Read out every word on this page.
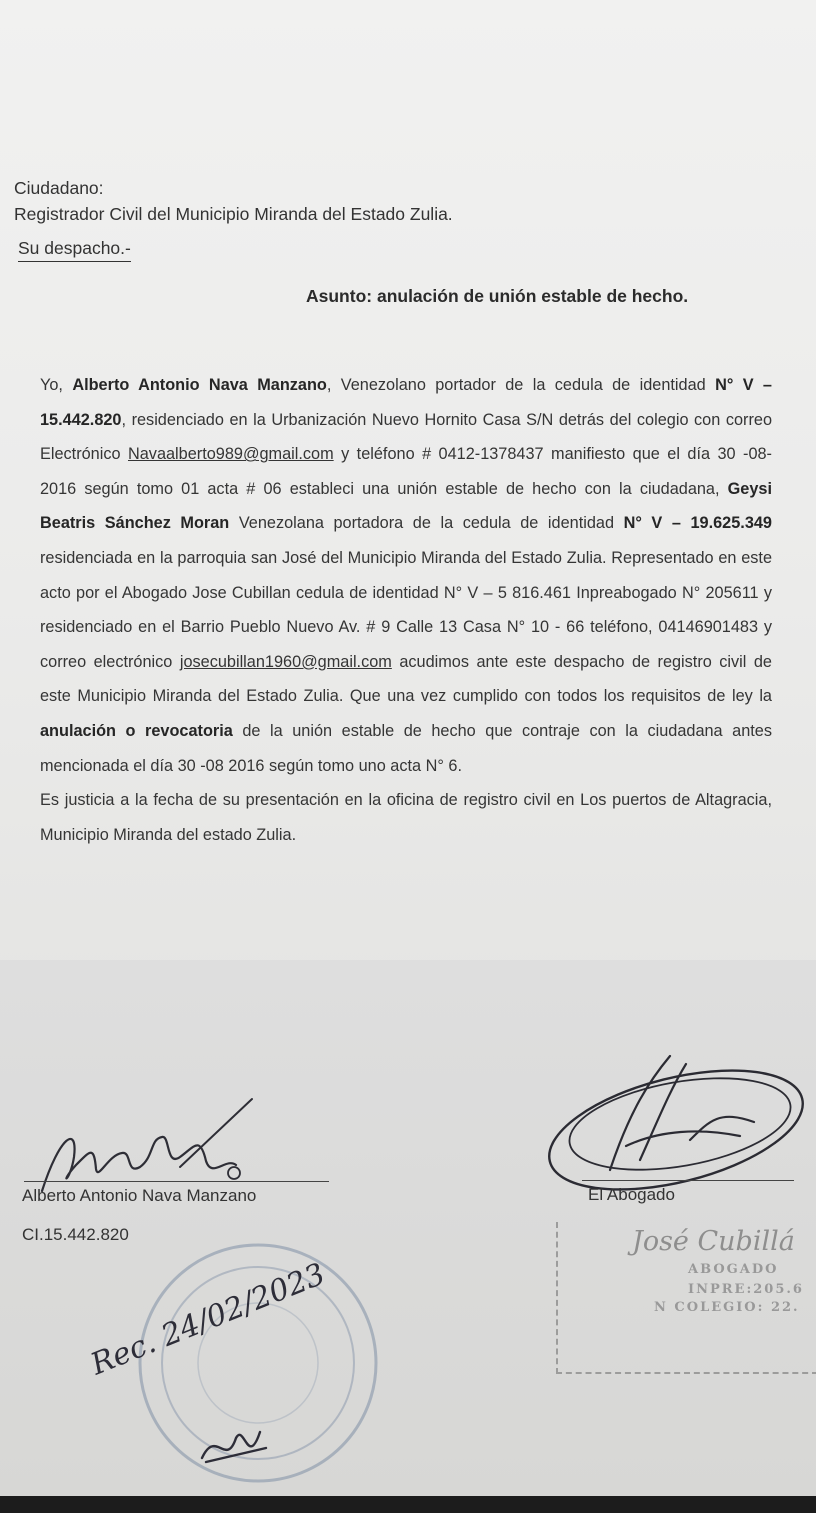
Ciudadano:
Registrador Civil del Municipio Miranda del Estado Zulia.
Su despacho.-
Asunto: anulación de unión estable de hecho.
Yo, Alberto Antonio Nava Manzano, Venezolano portador de la cedula de identidad N° V – 15.442.820, residenciado en la Urbanización Nuevo Hornito Casa S/N detrás del colegio con correo Electrónico Navaalberto989@gmail.com y teléfono # 0412-1378437 manifiesto que el día 30 -08-2016 según tomo 01 acta # 06 estableci una unión estable de hecho con la ciudadana, Geysi Beatris Sánchez Moran Venezolana portadora de la cedula de identidad N° V – 19.625.349 residenciada en la parroquia san José del Municipio Miranda del Estado Zulia. Representado en este acto por el Abogado Jose Cubillan cedula de identidad N° V – 5 816.461 Inpreabogado N° 205611 y residenciado en el Barrio Pueblo Nuevo Av. # 9 Calle 13 Casa N° 10 - 66 teléfono, 04146901483 y correo electrónico josecubillan1960@gmail.com acudimos ante este despacho de registro civil de este Municipio Miranda del Estado Zulia. Que una vez cumplido con todos los requisitos de ley la anulación o revocatoria de la unión estable de hecho que contraje con la ciudadana antes mencionada el día 30 -08 2016 según tomo uno acta N° 6.
Es justicia a la fecha de su presentación en la oficina de registro civil en Los puertos de Altagracia, Municipio Miranda del estado Zulia.
Alberto Antonio Nava Manzano
CI.15.442.820
El Abogado
José Cubillá
ABOGADO
INPRE:205.6
N COLEGIO: 22.
Rec. 24/02/2023
